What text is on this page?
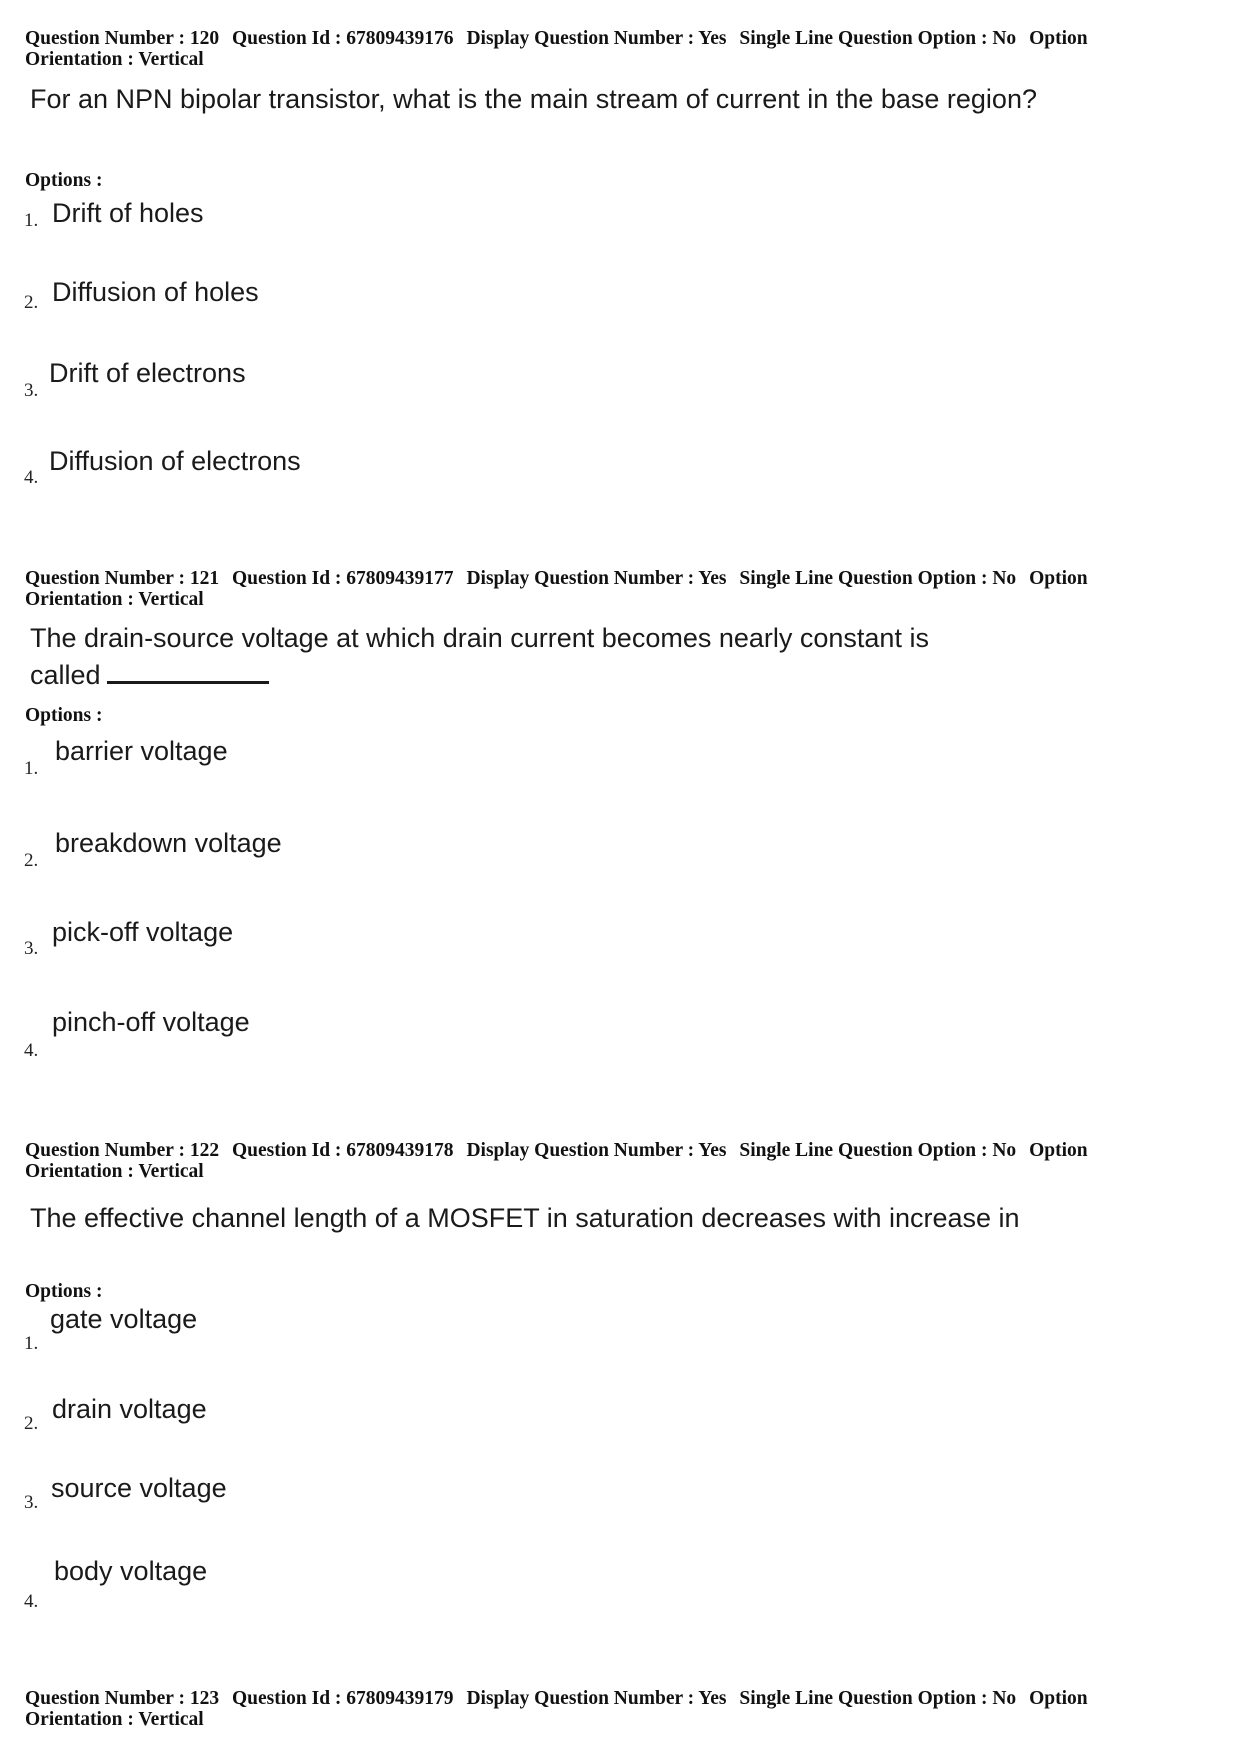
Question Number : 120 Question Id : 67809439176 Display Question Number : Yes Single Line Question Option : No Option
Orientation : Vertical
For an NPN bipolar transistor, what is the main stream of current in the base region?
Options :
1. Drift of holes
2. Diffusion of holes
3.
Drift of electrons
4.
Diffusion of electrons
Question Number : 121 Question Id : 67809439177 Display Question Number : Yes Single Line Question Option : No Option
Orientation : Vertical
The drain-source voltage at which drain current becomes nearly constant is
called
Options :
1.
barrier voltage
2.
breakdown voltage
3.
pick-off voltage
4.
pinch-off voltage
Question Number : 122 Question Id : 67809439178 Display Question Number : Yes Single Line Question Option : No Option
Orientation : Vertical
The effective channel length of a MOSFET in saturation decreases with increase in
Options :
1.
gate voltage
2. drain voltage
3. source voltage
4.
body voltage
Question Number : 123 Question Id : 67809439179 Display Question Number : Yes Single Line Question Option : No Option
Orientation : Vertical
